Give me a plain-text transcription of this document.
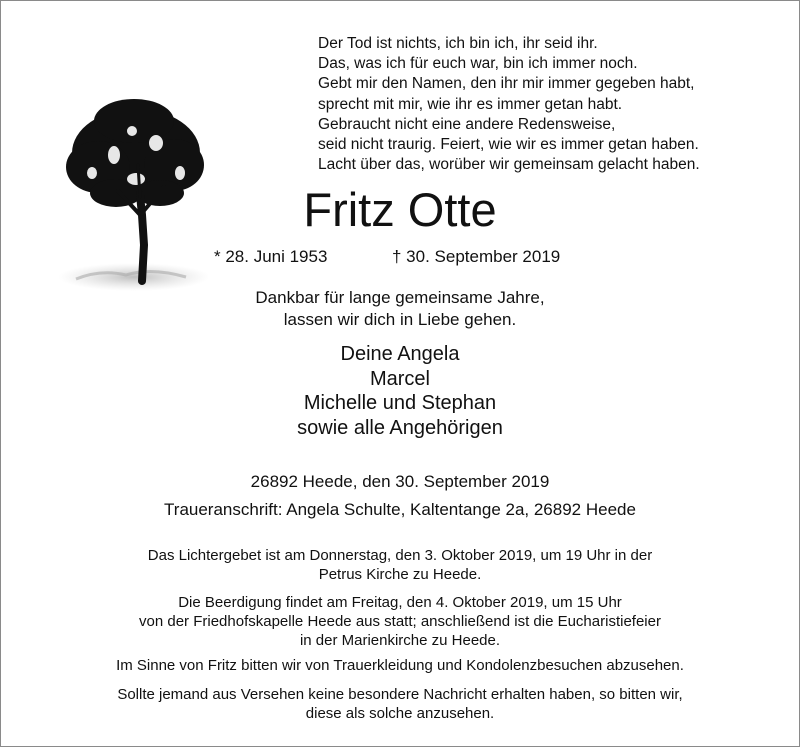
Der Tod ist nichts, ich bin ich, ihr seid ihr.
Das, was ich für euch war, bin ich immer noch.
Gebt mir den Namen, den ihr mir immer gegeben habt,
sprecht mit mir, wie ihr es immer getan habt.
Gebraucht nicht eine andere Redensweise,
seid nicht traurig. Feiert, wie wir es immer getan haben.
Lacht über das, worüber wir gemeinsam gelacht haben.
Fritz Otte
* 28. Juni 1953	† 30. September 2019
Dankbar für lange gemeinsame Jahre,
lassen wir dich in Liebe gehen.
Deine Angela
Marcel
Michelle und Stephan
sowie alle Angehörigen
26892 Heede, den 30. September 2019
Traueranschrift: Angela Schulte, Kaltentange 2a, 26892 Heede
Das Lichtergebet ist am Donnerstag, den 3. Oktober 2019, um 19 Uhr in der
Petrus Kirche zu Heede.
Die Beerdigung findet am Freitag, den 4. Oktober 2019, um 15 Uhr
von der Friedhofskapelle Heede aus statt; anschließend ist die Eucharistiefeier
in der Marienkirche zu Heede.
Im Sinne von Fritz bitten wir von Trauerkleidung und Kondolenzbesuchen abzusehen.
Sollte jemand aus Versehen keine besondere Nachricht erhalten haben, so bitten wir,
diese als solche anzusehen.
